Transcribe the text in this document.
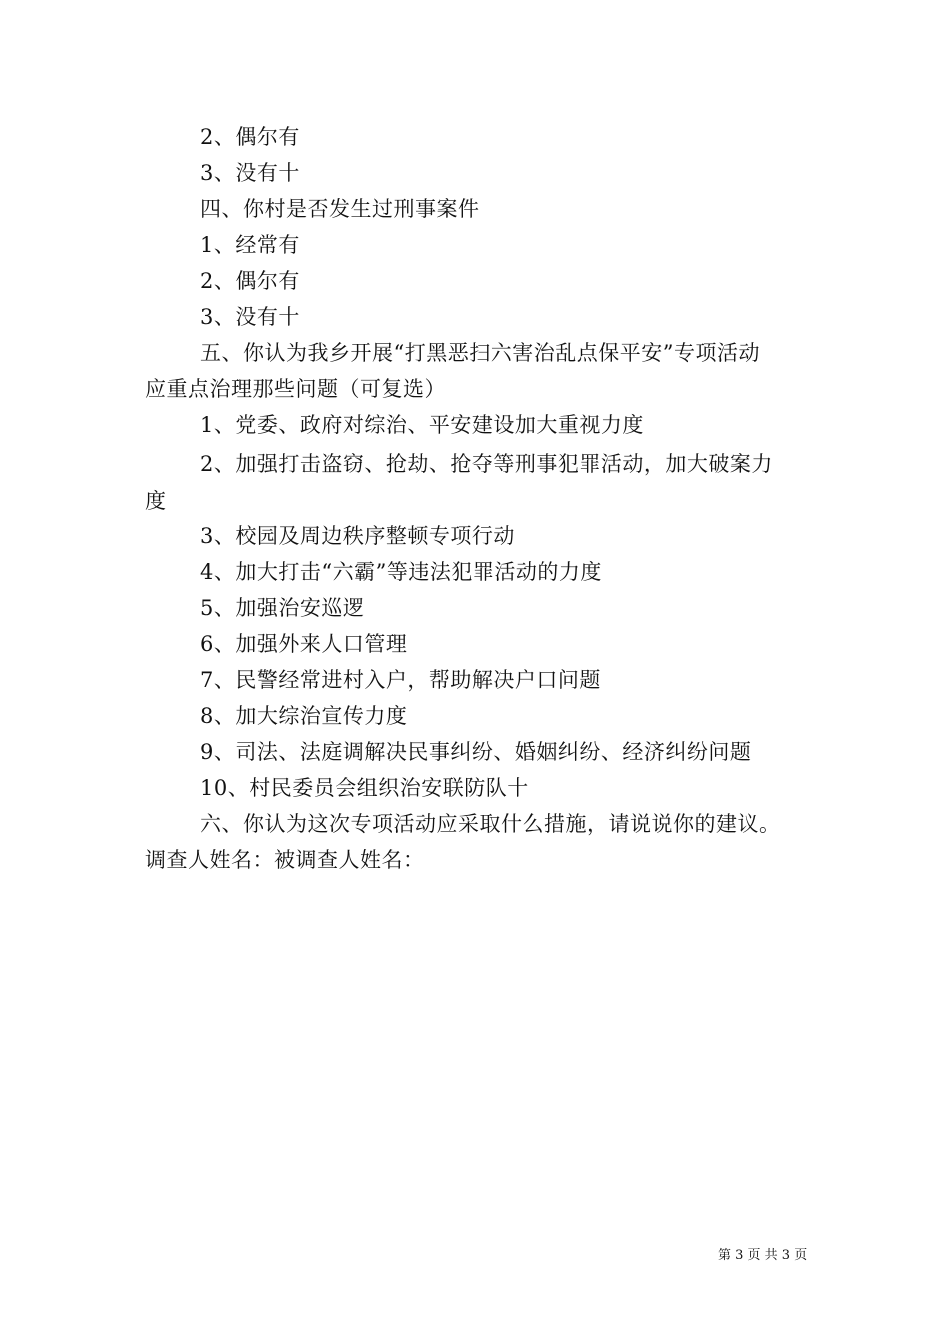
2、偶尔有
3、没有十
四、你村是否发生过刑事案件
1、经常有
2、偶尔有
3、没有十
五、你认为我乡开展“打黑恶扫六害治乱点保平安”专项活动
应重点治理那些问题（可复选）
1、党委、政府对综治、平安建设加大重视力度
2、加强打击盗窃、抢劫、抢夺等刑事犯罪活动，加大破案力
度
3、校园及周边秩序整顿专项行动
4、加大打击“六霸”等违法犯罪活动的力度
5、加强治安巡逻
6、加强外来人口管理
7、民警经常进村入户，帮助解决户口问题
8、加大综治宣传力度
9、司法、法庭调解决民事纠纷、婚姻纠纷、经济纠纷问题
10、村民委员会组织治安联防队十
六、你认为这次专项活动应采取什么措施，请说说你的建议。
调查人姓名：被调查人姓名：
第 3 页 共 3 页
